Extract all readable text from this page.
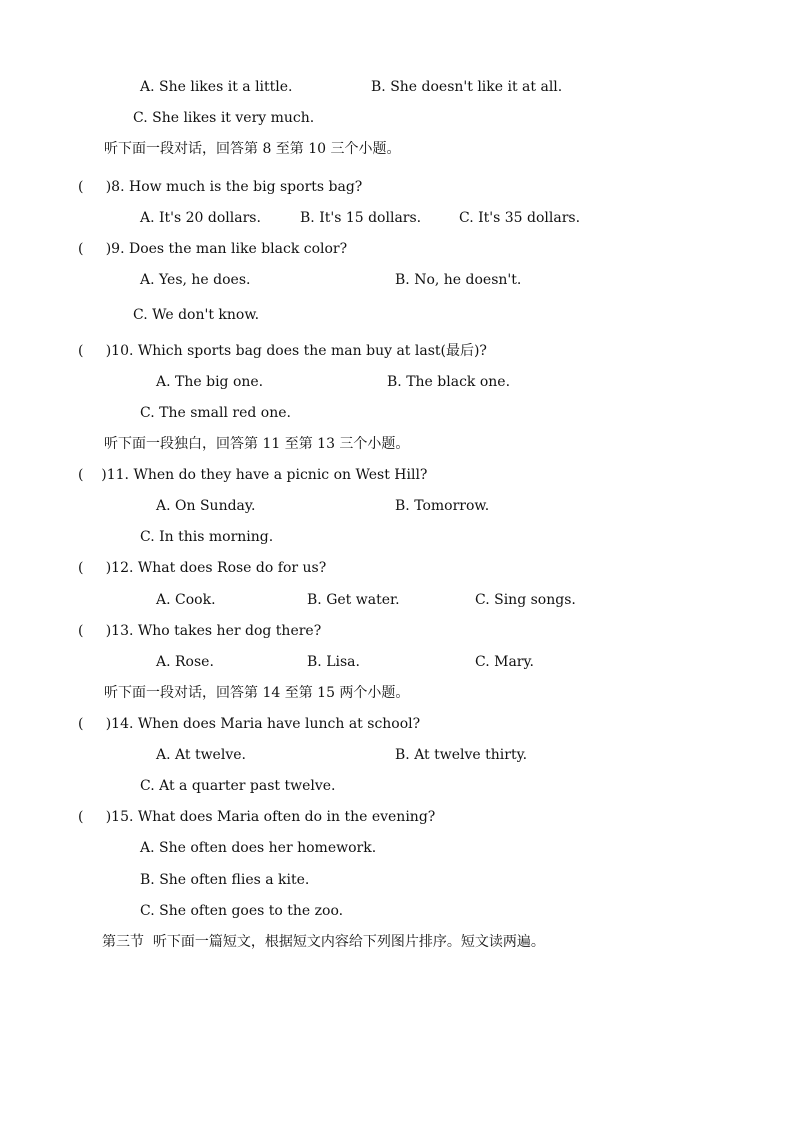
A. She likes it a little.	B. She doesn't like it at all.
C. She likes it very much.
听下面一段对话，回答第 8 至第 10 三个小题。
(     )8. How much is the big sports bag?
A. It's 20 dollars.	B. It's 15 dollars.	C. It's 35 dollars.
(     )9. Does the man like black color?
A. Yes, he does.	B. No, he doesn't.
C. We don't know.
(     )10. Which sports bag does the man buy at last(最后)?
A. The big one.	B. The black one.
C. The small red one.
听下面一段独白，回答第 11 至第 13 三个小题。
(    )11. When do they have a picnic on West Hill?
A. On Sunday.	B. Tomorrow.
C. In this morning.
(     )12. What does Rose do for us?
A. Cook.	B. Get water.	C. Sing songs.
(     )13. Who takes her dog there?
A. Rose.	B. Lisa.	C. Mary.
听下面一段对话，回答第 14 至第 15 两个小题。
(     )14. When does Maria have lunch at school?
A. At twelve.	B. At twelve thirty.
C. At a quarter past twelve.
(     )15. What does Maria often do in the evening?
A. She often does her homework.
B. She often flies a kite.
C. She often goes to the zoo.
第三节  听下面一篇短文，根据短文内容给下列图片排序。短文读两遍。
